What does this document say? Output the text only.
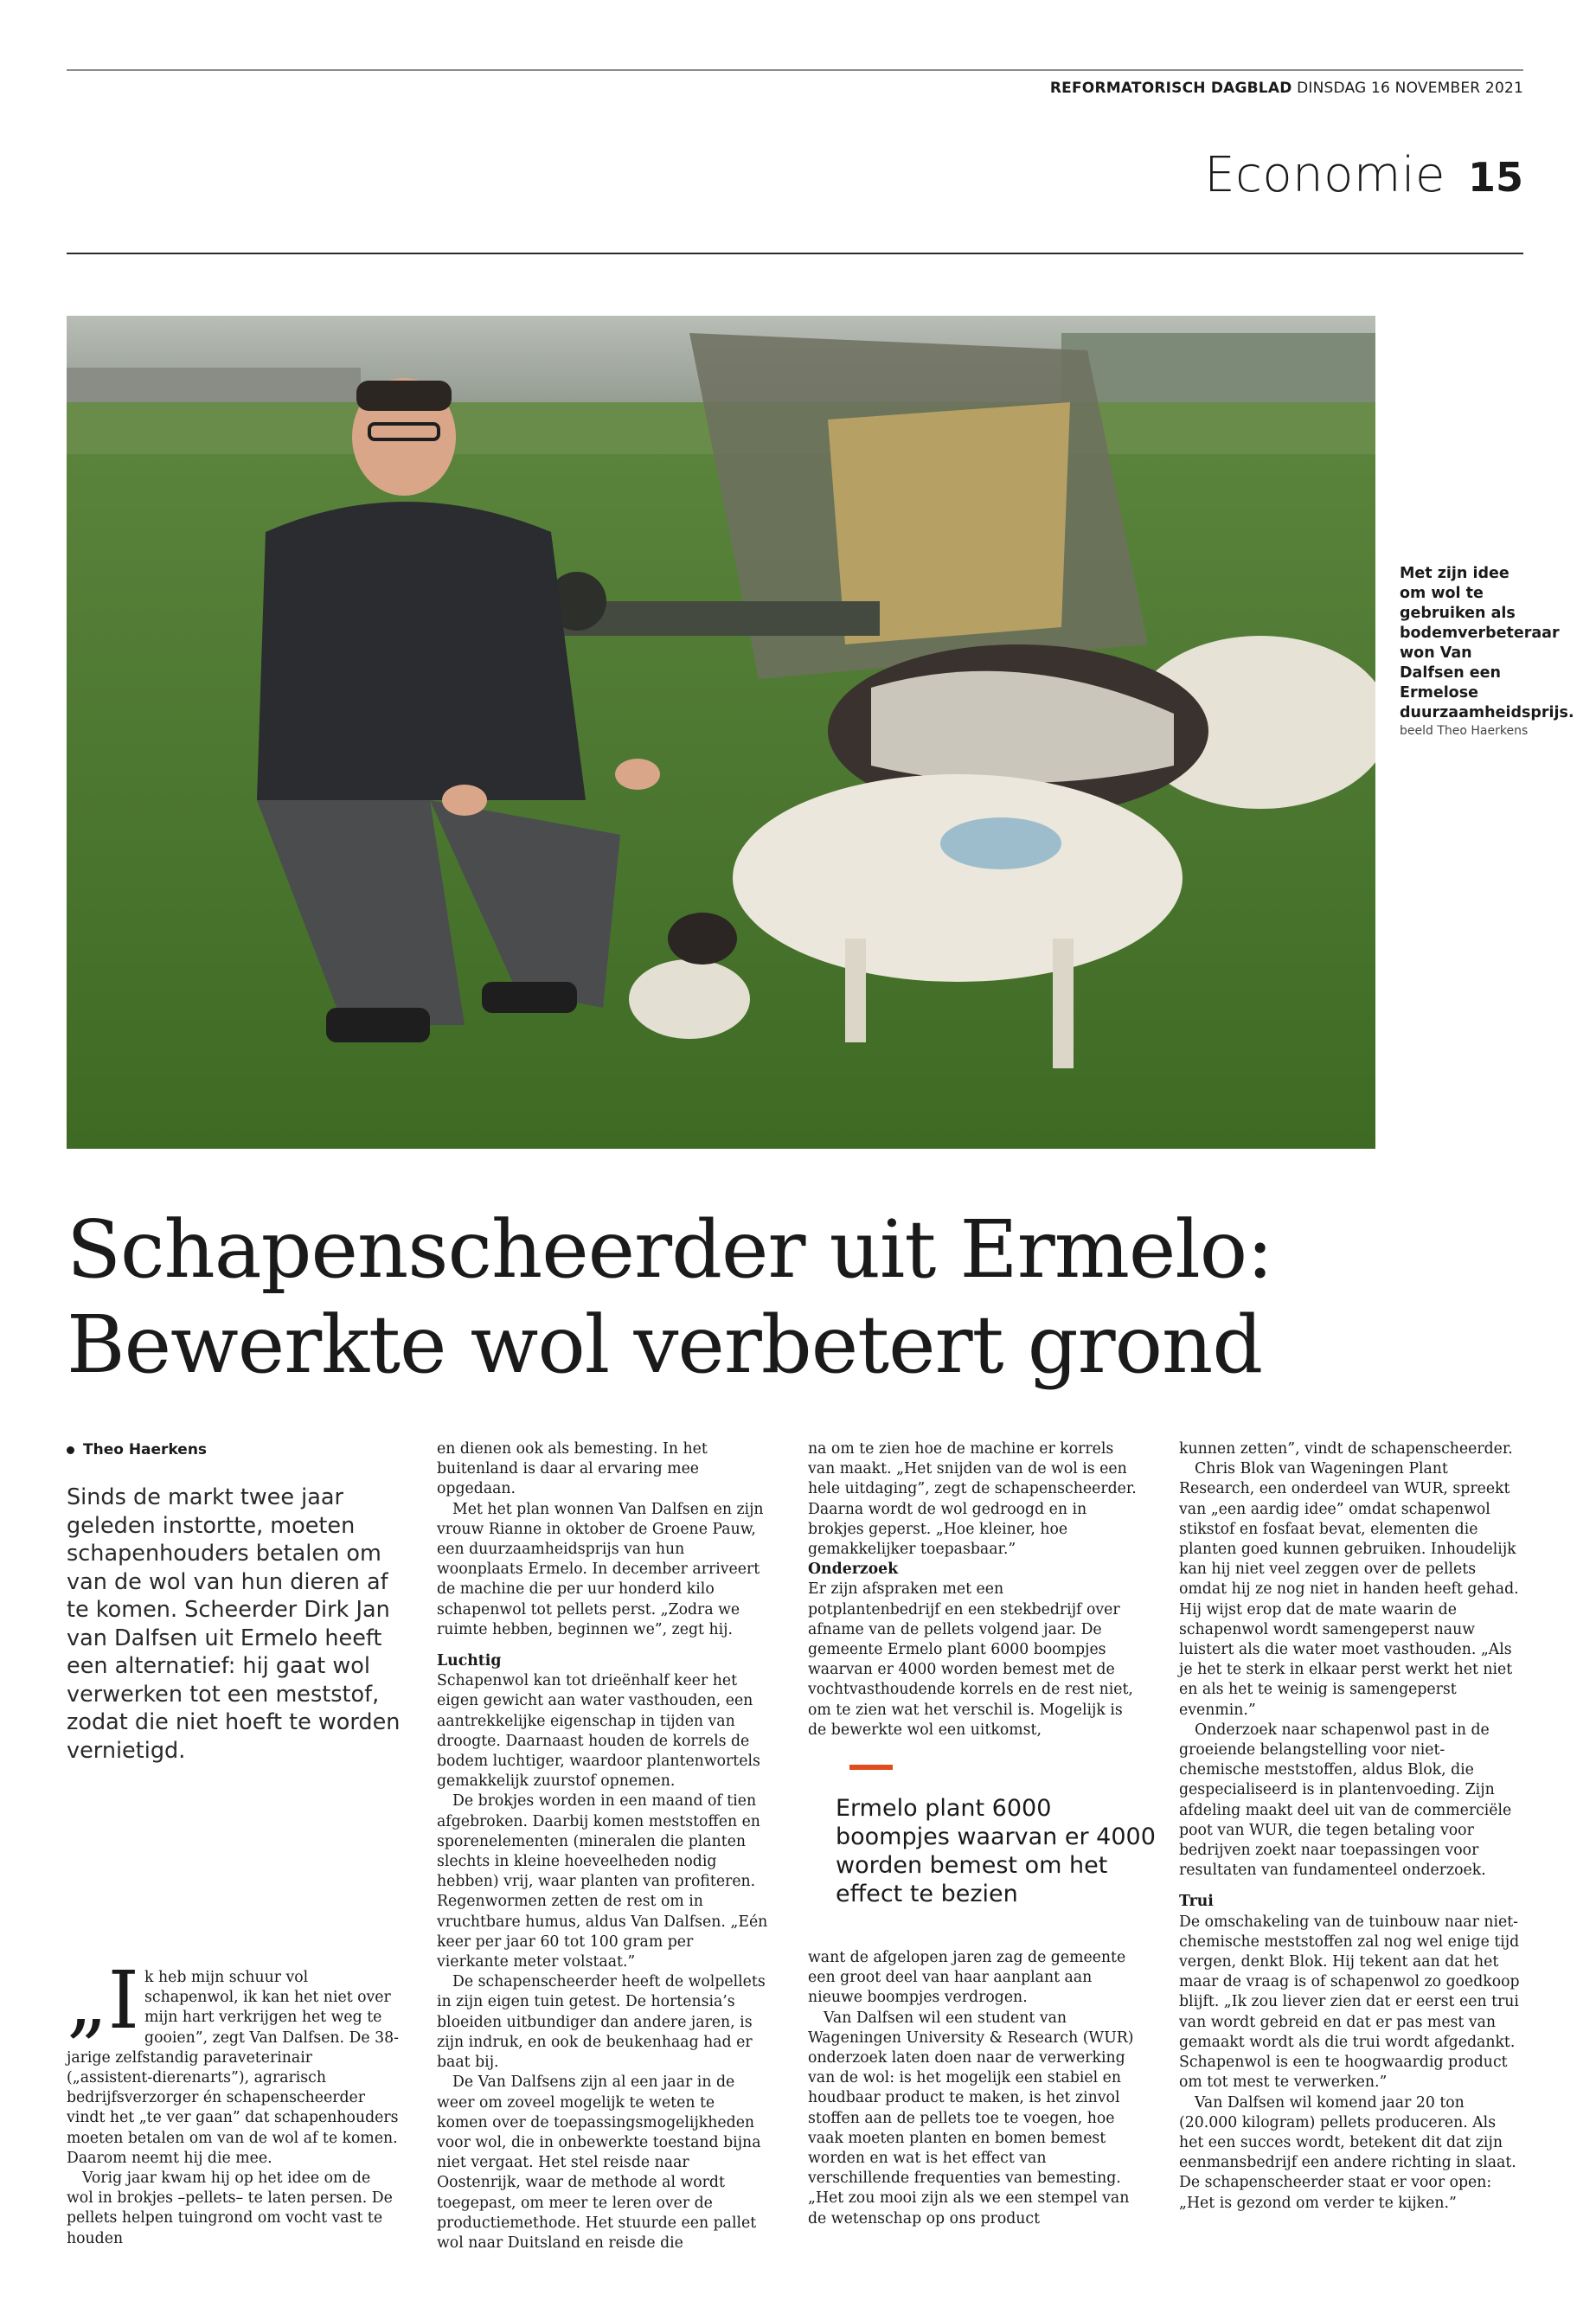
REFORMATORISCH DAGBLAD DINSDAG 16 NOVEMBER 2021
Economie 15
Met zijn idee om wol te gebruiken als bodemverbeteraar won Van Dalfsen een Ermelose duurzaamheidsprijs.
beeld Theo Haerkens
Schapenscheerder uit Ermelo:
Bewerkte wol verbetert grond
Theo Haerkens
Sinds de markt twee jaar geleden instortte, moeten schapenhouders betalen om van de wol van hun dieren af te komen. Scheerder Dirk Jan van Dalfsen uit Ermelo heeft een alternatief: hij gaat wol verwerken tot een meststof, zodat die niet hoeft te worden vernietigd.

„Ik heb mijn schuur vol schapenwol, ik kan het niet over mijn hart verkrijgen het weg te gooien”, zegt Van Dalfsen. De 38-jarige zelfstandig paraveterinair („assistent-dierenarts”), agrarisch bedrijfsverzorger én schapenscheerder vindt het „te ver gaan” dat schapenhouders moeten betalen om van de wol af te komen. Daarom neemt hij die mee.

Vorig jaar kwam hij op het idee om de wol in brokjes –pellets– te laten persen. De pellets helpen tuingrond om vocht vast te houden

en dienen ook als bemesting. In het buitenland is daar al ervaring mee opgedaan.

Met het plan wonnen Van Dalfsen en zijn vrouw Rianne in oktober de Groene Pauw, een duurzaamheidsprijs van hun woonplaats Ermelo. In december arriveert de machine die per uur honderd kilo schapenwol tot pellets perst. „Zodra we ruimte hebben, beginnen we”, zegt hij.

Luchtig

Schapenwol kan tot drieënhalf keer het eigen gewicht aan water vasthouden, een aantrekkelijke eigenschap in tijden van droogte. Daarnaast houden de korrels de bodem luchtiger, waardoor plantenwortels gemakkelijk zuurstof opnemen.

De brokjes worden in een maand of tien afgebroken. Daarbij komen meststoffen en sporenelementen (mineralen die planten slechts in kleine hoeveelheden nodig hebben) vrij, waar planten van profiteren. Regenwormen zetten de rest om in vruchtbare humus, aldus Van Dalfsen. „Eén keer per jaar 60 tot 100 gram per vierkante meter volstaat.”

De schapenscheerder heeft de wolpellets in zijn eigen tuin getest. De hortensia’s bloeiden uitbundiger dan andere jaren, is zijn indruk, en ook de beukenhaag had er baat bij.

De Van Dalfsens zijn al een jaar in de weer om zoveel mogelijk te weten te komen over de toepassingsmogelijkheden voor wol, die in onbewerkte toestand bijna niet vergaat. Het stel reisde naar Oostenrijk, waar de methode al wordt toegepast, om meer te leren over de productiemethode. Het stuurde een pallet wol naar Duitsland en reisde die

na om te zien hoe de machine er korrels van maakt. „Het snijden van de wol is een hele uitdaging”, zegt de schapenscheerder. Daarna wordt de wol gedroogd en in brokjes geperst. „Hoe kleiner, hoe gemakkelijker toepasbaar.”

Onderzoek

Er zijn afspraken met een potplantenbedrijf en een stekbedrijf over afname van de pellets volgend jaar. De gemeente Ermelo plant 6000 boompjes waarvan er 4000 worden bemest met de vochtvasthoudende korrels en de rest niet, om te zien wat het verschil is. Mogelijk is de bewerkte wol een uitkomst,

Ermelo plant 6000 boompjes waarvan er 4000 worden bemest om het effect te bezien

want de afgelopen jaren zag de gemeente een groot deel van haar aanplant aan nieuwe boompjes verdrogen.

Van Dalfsen wil een student van Wageningen University & Research (WUR) onderzoek laten doen naar de verwerking van de wol: is het mogelijk een stabiel en houdbaar product te maken, is het zinvol stoffen aan de pellets toe te voegen, hoe vaak moeten planten en bomen bemest worden en wat is het effect van verschillende frequenties van bemesting. „Het zou mooi zijn als we een stempel van de wetenschap op ons product

kunnen zetten”, vindt de schapenscheerder.

Chris Blok van Wageningen Plant Research, een onderdeel van WUR, spreekt van „een aardig idee” omdat schapenwol stikstof en fosfaat bevat, elementen die planten goed kunnen gebruiken. Inhoudelijk kan hij niet veel zeggen over de pellets omdat hij ze nog niet in handen heeft gehad. Hij wijst erop dat de mate waarin de schapenwol wordt samengeperst nauw luistert als die water moet vasthouden. „Als je het te sterk in elkaar perst werkt het niet en als het te weinig is samengeperst evenmin.”

Onderzoek naar schapenwol past in de groeiende belangstelling voor niet-chemische meststoffen, aldus Blok, die gespecialiseerd is in plantenvoeding. Zijn afdeling maakt deel uit van de commerciële poot van WUR, die tegen betaling voor bedrijven zoekt naar toepassingen voor resultaten van fundamenteel onderzoek.

Trui

De omschakeling van de tuinbouw naar niet-chemische meststoffen zal nog wel enige tijd vergen, denkt Blok. Hij tekent aan dat het maar de vraag is of schapenwol zo goedkoop blijft. „Ik zou liever zien dat er eerst een trui van wordt gebreid en dat er pas mest van gemaakt wordt als die trui wordt afgedankt. Schapenwol is een te hoogwaardig product om tot mest te verwerken.”

Van Dalfsen wil komend jaar 20 ton (20.000 kilogram) pellets produceren. Als het een succes wordt, betekent dit dat zijn eenmansbedrijf een andere richting in slaat. De schapenscheerder staat er voor open: „Het is gezond om verder te kijken.”
